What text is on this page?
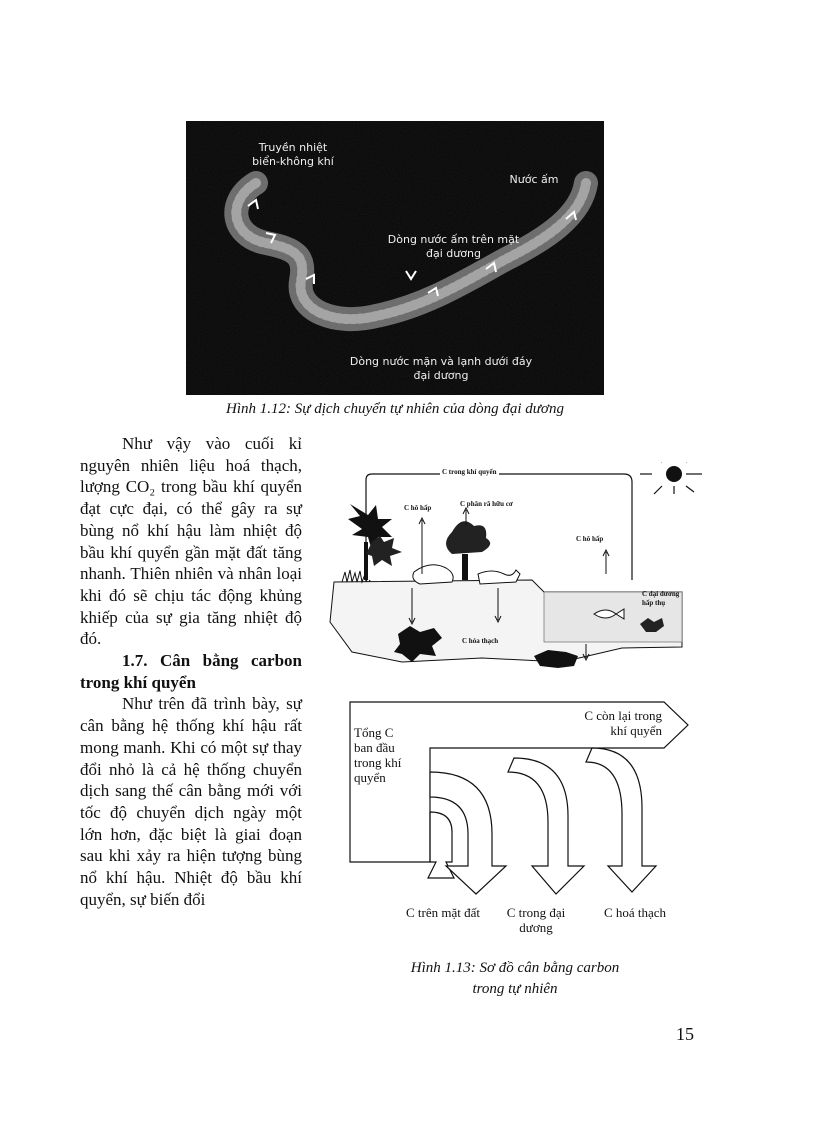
Truyền nhiệt
biển-không khí
Nước ấm
Dòng nước ấm trên mặt
đại dương
Dòng nước mặn và lạnh dưới đáy
đại dương
Hình 1.12: Sự dịch chuyển tự nhiên của dòng đại dương

Như vậy vào cuối kỉ nguyên nhiên liệu hoá thạch, lượng CO₂ trong bầu khí quyển đạt cực đại, có thể gây ra sự bùng nổ khí hậu làm nhiệt độ bầu khí quyển gần mặt đất tăng nhanh. Thiên nhiên và nhân loại khi đó sẽ chịu tác động khủng khiếp của sự gia tăng nhiệt độ đó.

1.7. Cân bằng carbon trong khí quyển

Như trên đã trình bày, sự cân bằng hệ thống khí hậu rất mong manh. Khi có một sự thay đổi nhỏ là cả hệ thống chuyển dịch sang thế cân bằng mới với tốc độ chuyển dịch ngày một lớn hơn, đặc biệt là giai đoạn sau khi xảy ra hiện tượng bùng nổ khí hậu. Nhiệt độ bầu khí quyển, sự biến đổi

C trong khí quyển
C hô hấp	C phân rã hữu cơ
C hô hấp
C đại dương
hấp thụ
C hóa thạch
Tổng C
ban đầu
trong khí
quyển
C còn lại trong
khí quyển
C trên mặt đất	C trong đại
dương
C hoá thạch
Hình 1.13: Sơ đồ cân bằng carbon
trong tự nhiên
15
